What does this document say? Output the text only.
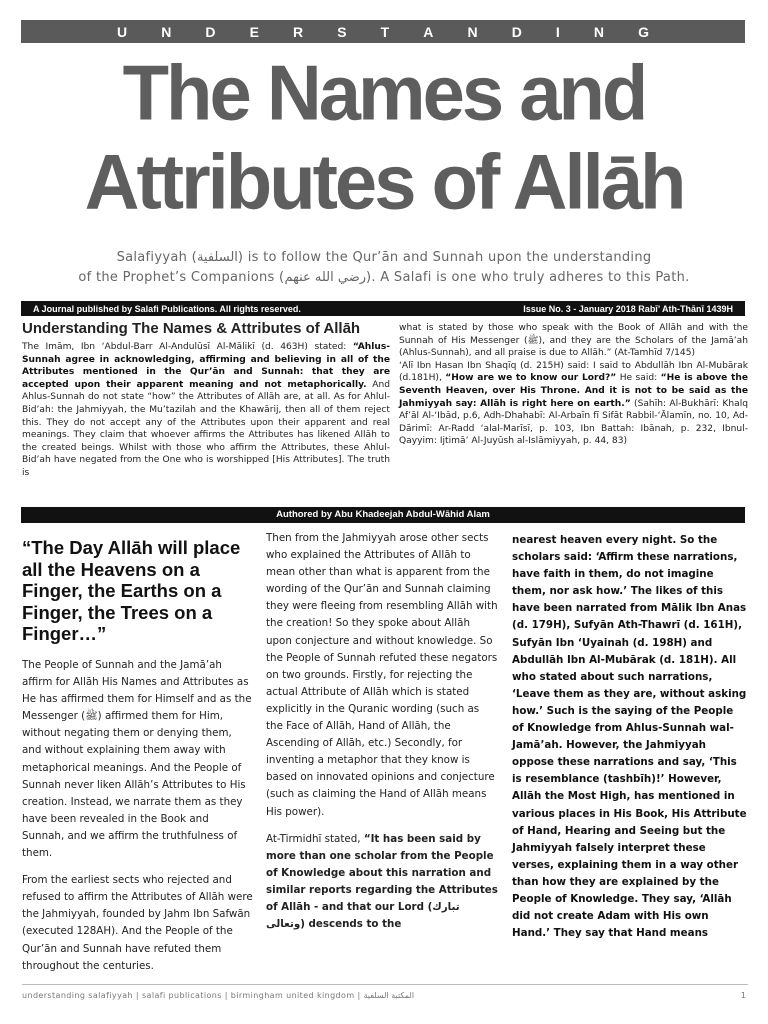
U N D E R S T A N D I N G
The Names and
Attributes of Allāh
Salafiyyah (السلفية) is to follow the Qur’ān and Sunnah upon the understanding
of the Prophet’s Companions (رضي الله عنهم). A Salafi is one who truly adheres to this Path.
A Journal published by Salafi Publications. All rights reserved.	Issue No. 3 - January 2018 Rabī’ Ath-Thānī 1439H
Understanding The Names & Attributes of Allāh

The Imām, Ibn ‘Abdul-Barr Al-Andulūsī Al-Mālikī (d. 463H) stated: “Ahlus-Sunnah agree in acknowledging, affirming and believing in all of the Attributes mentioned in the Qur’ān and Sunnah: that they are accepted upon their apparent meaning and not metaphorically. And Ahlus-Sunnah do not state “how” the Attributes of Allāh are, at all. As for Ahlul-Bid’ah: the Jahmiyyah, the Mu’tazilah and the Khawārij, then all of them reject this. They do not accept any of the Attributes upon their apparent and real meanings. They claim that whoever affirms the Attributes has likened Allāh to the created beings. Whilst with those who affirm the Attributes, these Ahlul-Bid’ah have negated from the One who is worshipped [His Attributes]. The truth is

what is stated by those who speak with the Book of Allāh and with the Sunnah of His Messenger (ﷺ), and they are the Scholars of the Jamā’ah (Ahlus-Sunnah), and all praise is due to Allāh.” (At-Tamhīd 7/145)

‘Alī Ibn Hasan Ibn Shaqīq (d. 215H) said: I said to Abdullāh Ibn Al-Mubārak (d.181H), “How are we to know our Lord?” He said: “He is above the Seventh Heaven, over His Throne. And it is not to be said as the Jahmiyyah say: Allāh is right here on earth.” (Sahīh: Al-Bukhārī: Khalq Af’āl Al-‘Ibād, p.6, Adh-Dhahabī: Al-Arbaīn fī Sifāt Rabbil-‘Ālamīn, no. 10, Ad-Dārimī: Ar-Radd ‘alal-Marīsī, p. 103, Ibn Battah: Ibānah, p. 232, Ibnul-Qayyim: Ijtimā’ Al-Juyūsh al-Islāmiyyah, p. 44, 83)

Authored by Abu Khadeejah Abdul-Wāhid Alam
“The Day Allāh will place all the Heavens on a Finger, the Earths on a Finger, the Trees on a Finger…”

The People of Sunnah and the Jamā’ah affirm for Allāh His Names and Attributes as He has affirmed them for Himself and as the Messenger (ﷺ) affirmed them for Him, without negating them or denying them, and without explaining them away with metaphorical meanings. And the People of Sunnah never liken Allāh’s Attributes to His creation. Instead, we narrate them as they have been revealed in the Book and Sunnah, and we affirm the truthfulness of them.

From the earliest sects who rejected and refused to affirm the Attributes of Allāh were the Jahmiyyah, founded by Jahm Ibn Safwān (executed 128AH). And the People of the Qur’ān and Sunnah have refuted them throughout the centuries.

Then from the Jahmiyyah arose other sects who explained the Attributes of Allāh to mean other than what is apparent from the wording of the Qur’ān and Sunnah claiming they were fleeing from resembling Allāh with the creation! So they spoke about Allāh upon conjecture and without knowledge. So the People of Sunnah refuted these negators on two grounds. Firstly, for rejecting the actual Attribute of Allāh which is stated explicitly in the Quranic wording (such as the Face of Allāh, Hand of Allāh, the Ascending of Allāh, etc.) Secondly, for inventing a metaphor that they know is based on innovated opinions and conjecture (such as claiming the Hand of Allāh means His power).

At-Tirmidhī stated, “It has been said by more than one scholar from the People of Knowledge about this narration and similar reports regarding the Attributes of Allāh - and that our Lord (تبارك وتعالى) descends to the

nearest heaven every night. So the scholars said: ‘Affirm these narrations, have faith in them, do not imagine them, nor ask how.’ The likes of this have been narrated from Mālik Ibn Anas (d. 179H), Sufyān Ath-Thawrī (d. 161H), Sufyān Ibn ‘Uyainah (d. 198H) and Abdullāh Ibn Al-Mubārak (d. 181H). All who stated about such narrations, ‘Leave them as they are, without asking how.’ Such is the saying of the People of Knowledge from Ahlus-Sunnah wal-Jamā’ah. However, the Jahmiyyah oppose these narrations and say, ‘This is resemblance (tashbīh)!’ However, Allāh the Most High, has mentioned in various places in His Book, His Attribute of Hand, Hearing and Seeing but the Jahmiyyah falsely interpret these verses, explaining them in a way other than how they are explained by the People of Knowledge. They say, ‘Allāh did not create Adam with His own Hand.’ They say that Hand means

understanding salafiyyah | salafi publications | birmingham united kingdom | المكتبة السلفية	1
